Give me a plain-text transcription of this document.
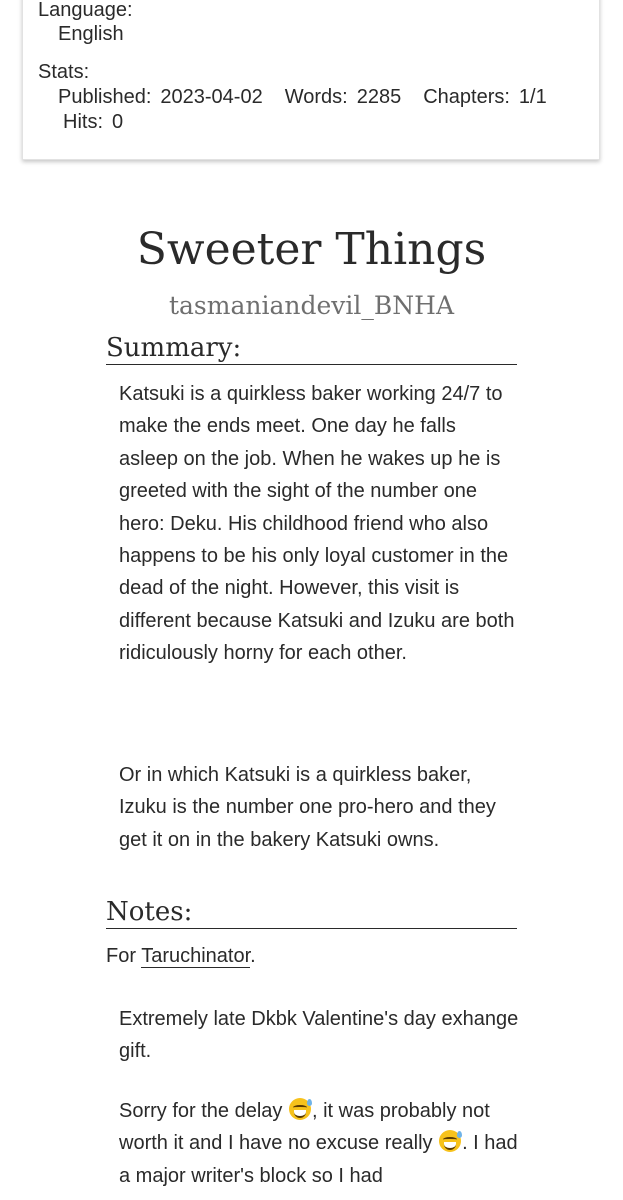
Language:
English
Stats:
Published: 2023-04-02 Words: 2285 Chapters: 1/1
Hits: 0
Sweeter Things
tasmaniandevil_BNHA
Summary:

Katsuki is a quirkless baker working 24/7 to make the ends meet. One day he falls asleep on the job. When he wakes up he is greeted with the sight of the number one hero: Deku. His childhood friend who also happens to be his only loyal customer in the dead of the night. However, this visit is different because Katsuki and Izuku are both ridiculously horny for each other.

Or in which Katsuki is a quirkless baker, Izuku is the number one pro-hero and they get it on in the bakery Katsuki owns.

Notes:
For Taruchinator.

Extremely late Dkbk Valentine's day exhange gift.

Sorry for the delay
, it was probably not worth it and I have no excuse really
. I had a major writer's block so I had
